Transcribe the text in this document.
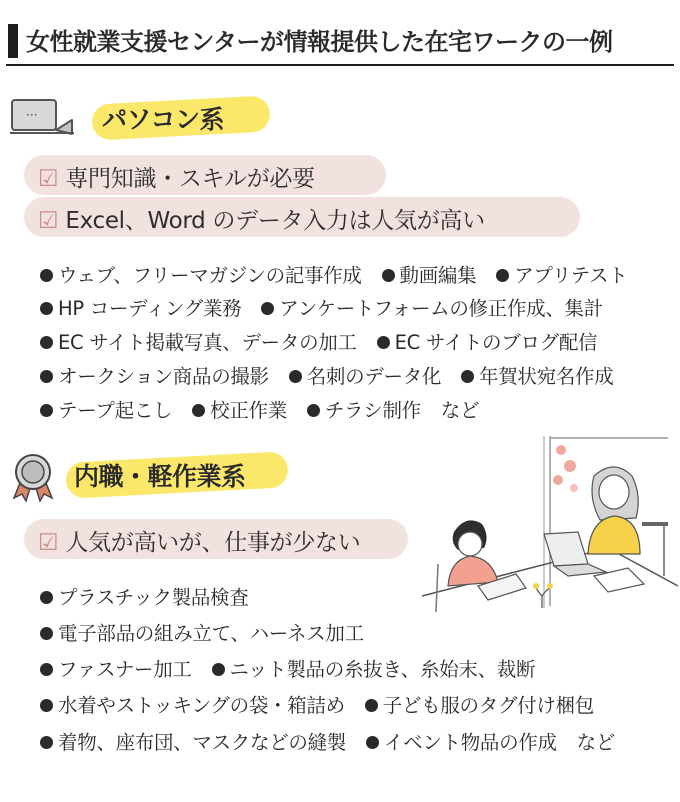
女性就業支援センターが情報提供した在宅ワークの一例
···	パソコン系
☑ 専門知識・スキルが必要
☑ Excel、Word のデータ入力は人気が高い
ウェブ、フリーマガジンの記事作成 動画編集 アプリテスト
HP コーディング業務 アンケートフォームの修正作成、集計
EC サイト掲載写真、データの加工 EC サイトのブログ配信
オークション商品の撮影 名刺のデータ化 年賀状宛名作成
テープ起こし 校正作業 チラシ制作 など
内職・軽作業系
☑ 人気が高いが、仕事が少ない
プラスチック製品検査
電子部品の組み立て、ハーネス加工
ファスナー加工 ニット製品の糸抜き、糸始末、裁断
水着やストッキングの袋・箱詰め 子ども服のタグ付け梱包
着物、座布団、マスクなどの縫製 イベント物品の作成 など
